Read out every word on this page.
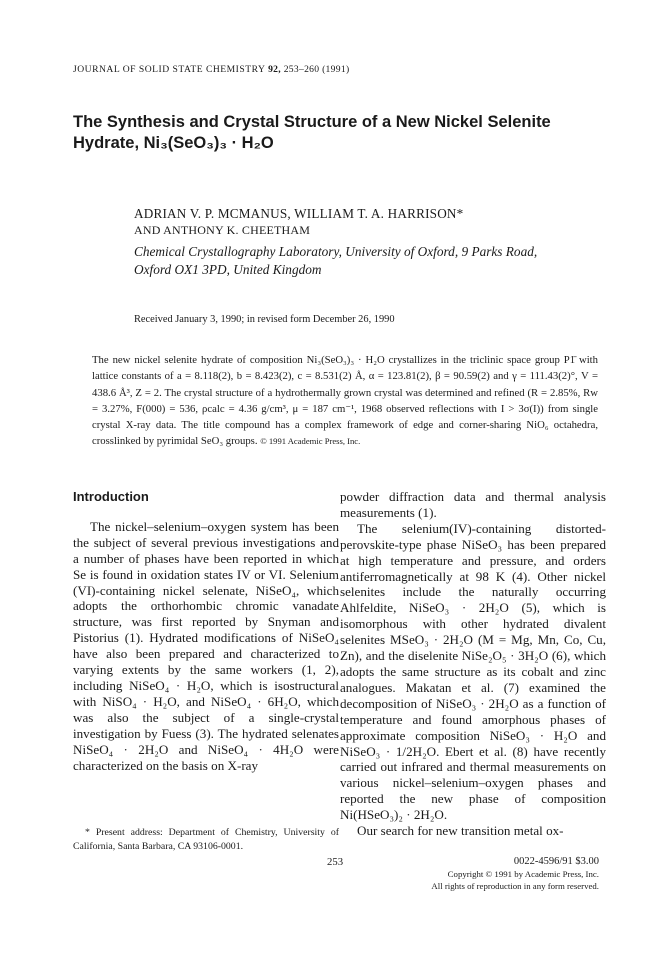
JOURNAL OF SOLID STATE CHEMISTRY 92, 253–260 (1991)
The Synthesis and Crystal Structure of a New Nickel Selenite
Hydrate, Ni₃(SeO₃)₃ · H₂O
ADRIAN V. P. MCMANUS, WILLIAM T. A. HARRISON*
AND ANTHONY K. CHEETHAM
Chemical Crystallography Laboratory, University of Oxford, 9 Parks Road,
Oxford OX1 3PD, United Kingdom
Received January 3, 1990; in revised form December 26, 1990
The new nickel selenite hydrate of composition Ni₃(SeO₃)₃ · H₂O crystallizes in the triclinic space group P1̄ with lattice constants of a = 8.118(2), b = 8.423(2), c = 8.531(2) Å, α = 123.81(2), β = 90.59(2) and γ = 111.43(2)°, V = 438.6 Å³, Z = 2. The crystal structure of a hydrothermally grown crystal was determined and refined (R = 2.85%, Rw = 3.27%, F(000) = 536, ρcalc = 4.36 g/cm³, μ = 187 cm⁻¹, 1968 observed reflections with I > 3σ(I)) from single crystal X-ray data. The title compound has a complex framework of edge and corner-sharing NiO₆ octahedra, crosslinked by pyrimidal SeO₃ groups. © 1991 Academic Press, Inc.
Introduction

The nickel–selenium–oxygen system has been the subject of several previous investigations and a number of phases have been reported in which Se is found in oxidation states IV or VI. Selenium (VI)-containing nickel selenate, NiSeO₄, which adopts the orthorhombic chromic vanadate structure, was first reported by Snyman and Pistorius (1). Hydrated modifications of NiSeO₄ have also been prepared and characterized to varying extents by the same workers (1, 2), including NiSeO₄ · H₂O, which is isostructural with NiSO₄ · H₂O, and NiSeO₄ · 6H₂O, which was also the subject of a single-crystal investigation by Fuess (3). The hydrated selenates NiSeO₄ · 2H₂O and NiSeO₄ · 4H₂O were characterized on the basis on X-ray

powder diffraction data and thermal analysis measurements (1).

The selenium(IV)-containing distorted-perovskite-type phase NiSeO₃ has been prepared at high temperature and pressure, and orders antiferromagnetically at 98 K (4). Other nickel selenites include the naturally occurring Ahlfeldite, NiSeO₃ · 2H₂O (5), which is isomorphous with other hydrated divalent selenites MSeO₃ · 2H₂O (M = Mg, Mn, Co, Cu, Zn), and the diselenite NiSe₂O₅ · 3H₂O (6), which adopts the same structure as its cobalt and zinc analogues. Makatan et al. (7) examined the decomposition of NiSeO₃ · 2H₂O as a function of temperature and found amorphous phases of approximate composition NiSeO₃ · H₂O and NiSeO₃ · 1/2H₂O. Ebert et al. (8) have recently carried out infrared and thermal measurements on various nickel–selenium–oxygen phases and reported the new phase of composition Ni(HSeO₃)₂ · 2H₂O.

Our search for new transition metal ox-

* Present address: Department of Chemistry, University of California, Santa Barbara, CA 93106-0001.
253	0022-4596/91 $3.00
Copyright © 1991 by Academic Press, Inc.
All rights of reproduction in any form reserved.
